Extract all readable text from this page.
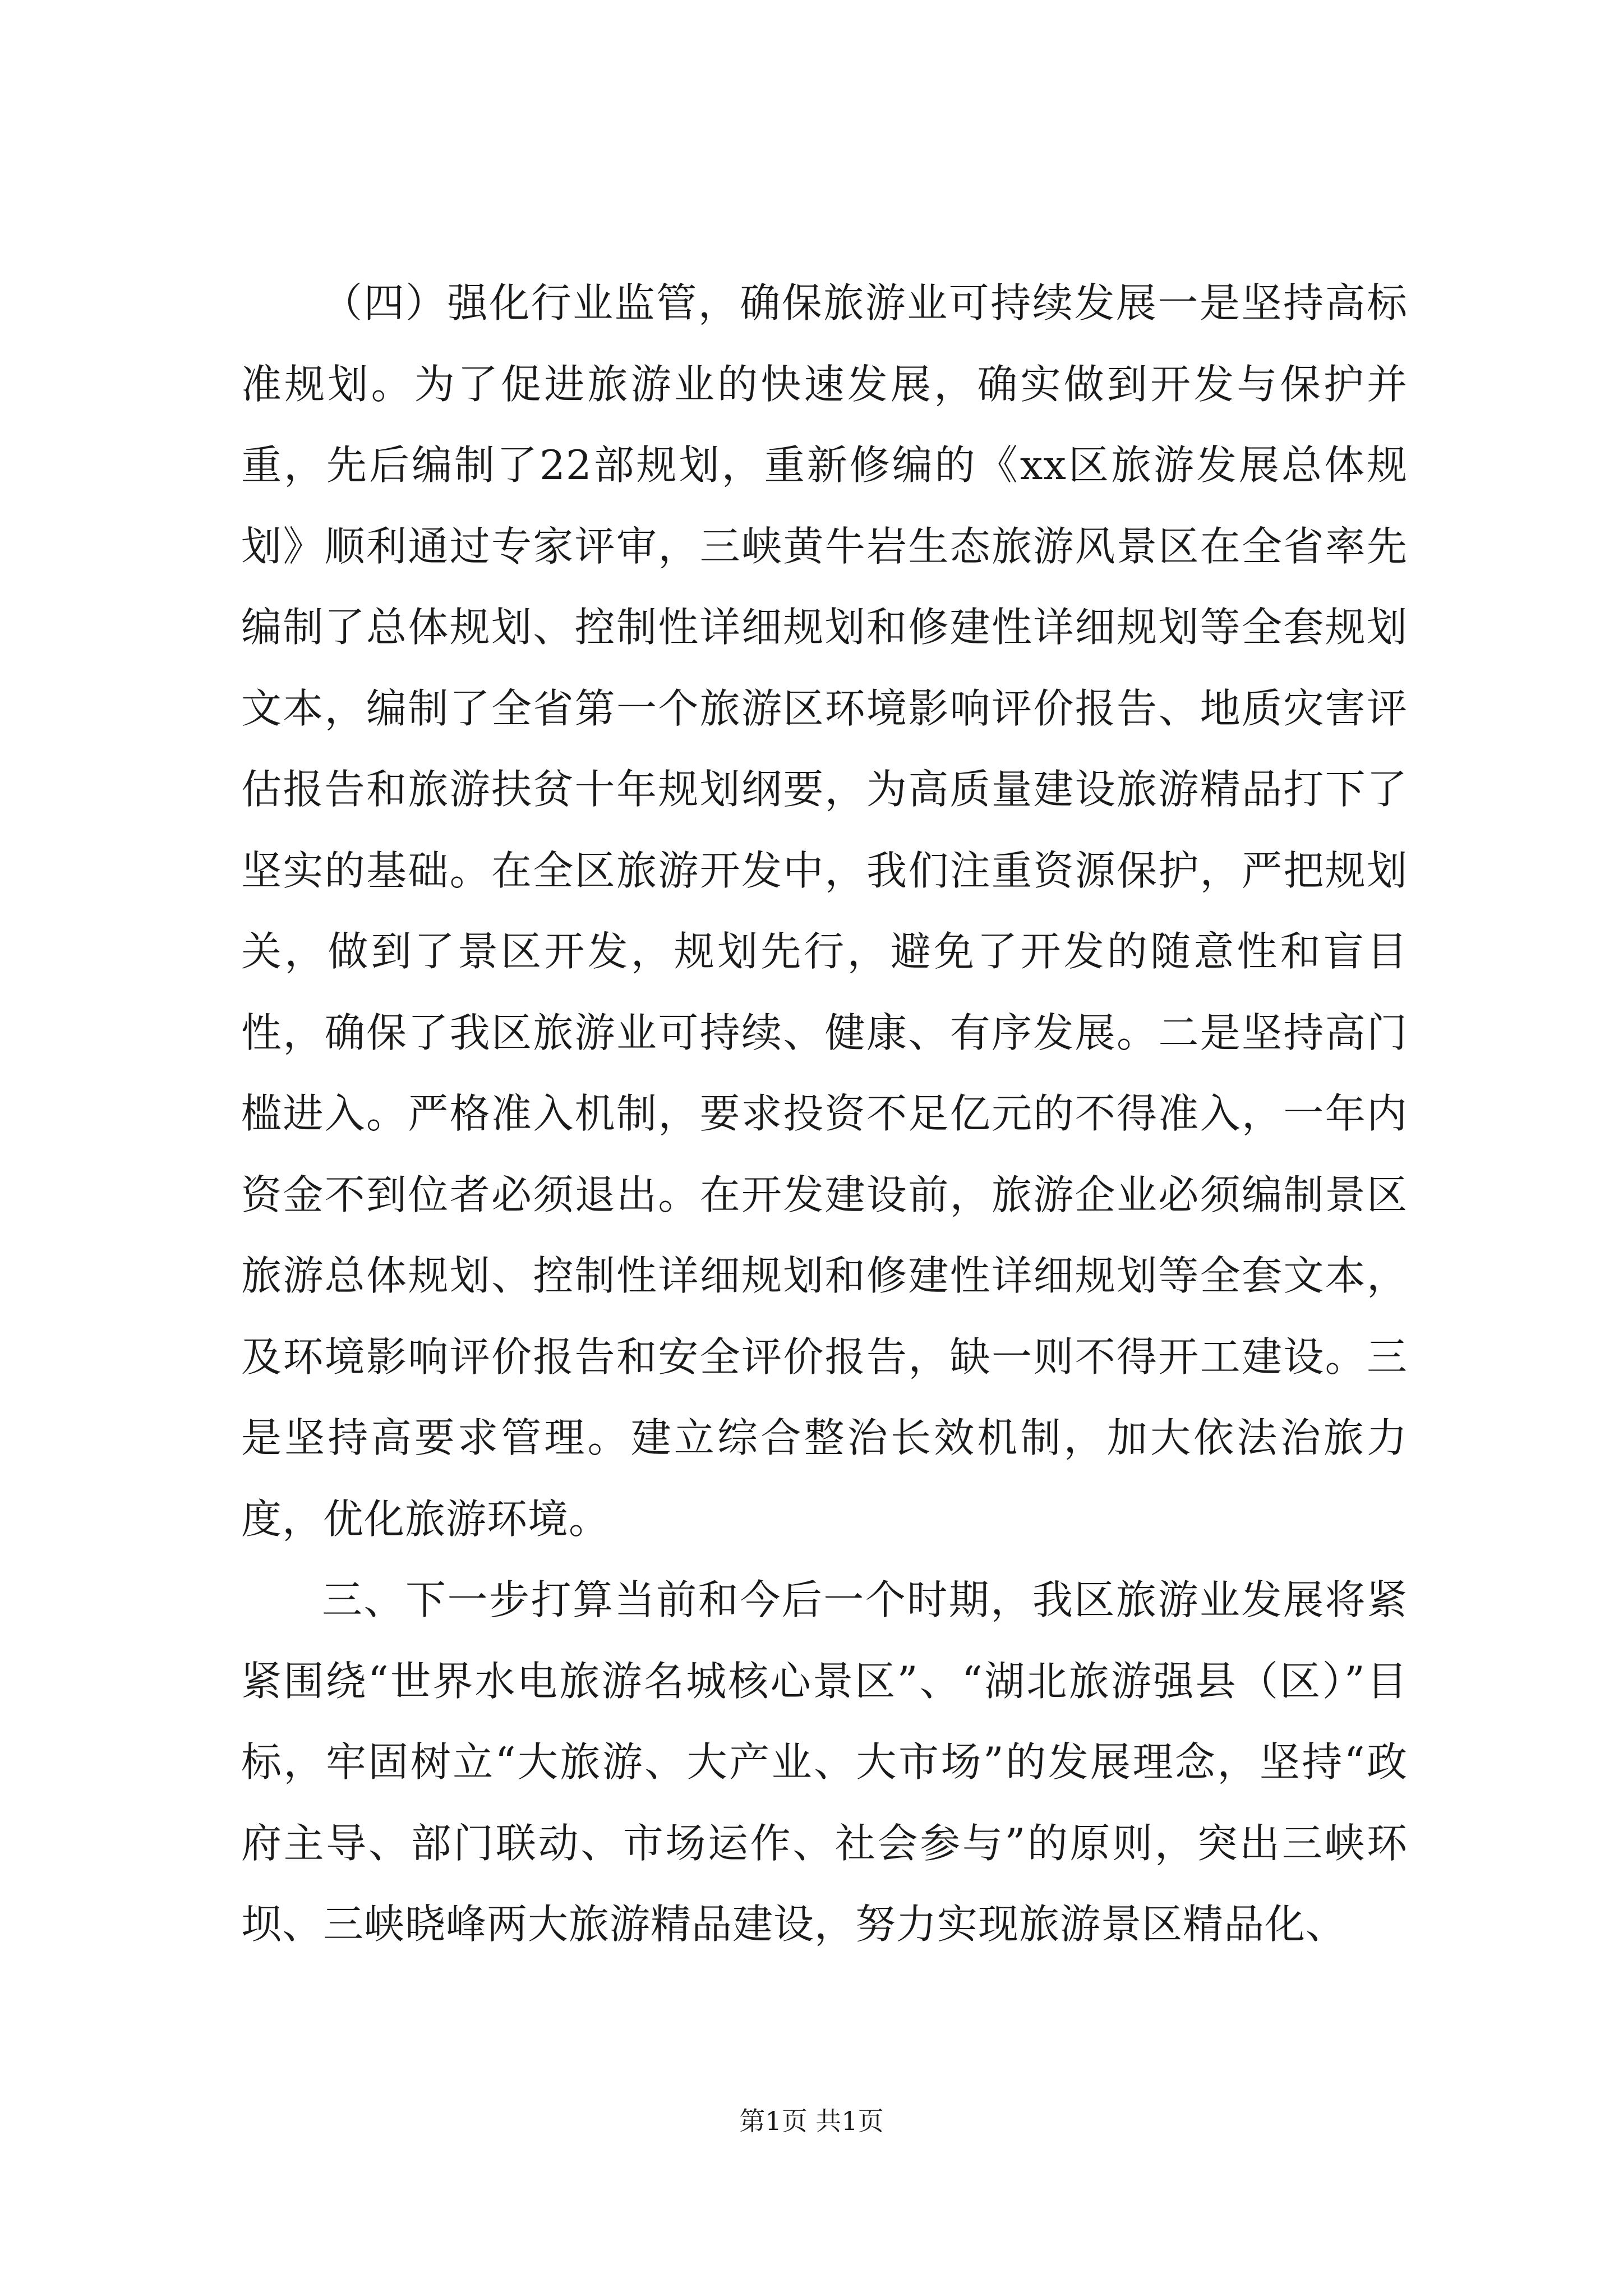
（四）强化行业监管，确保旅游业可持续发展一是坚持高标准规划。为了促进旅游业的快速发展，确实做到开发与保护并重，先后编制了22部规划，重新修编的《xx区旅游发展总体规划》顺利通过专家评审，三峡黄牛岩生态旅游风景区在全省率先编制了总体规划、控制性详细规划和修建性详细规划等全套规划文本，编制了全省第一个旅游区环境影响评价报告、地质灾害评估报告和旅游扶贫十年规划纲要，为高质量建设旅游精品打下了坚实的基础。在全区旅游开发中，我们注重资源保护，严把规划关，做到了景区开发，规划先行，避免了开发的随意性和盲目性，确保了我区旅游业可持续、健康、有序发展。二是坚持高门槛进入。严格准入机制，要求投资不足亿元的不得准入，一年内资金不到位者必须退出。在开发建设前，旅游企业必须编制景区旅游总体规划、控制性详细规划和修建性详细规划等全套文本，及环境影响评价报告和安全评价报告，缺一则不得开工建设。三是坚持高要求管理。建立综合整治长效机制，加大依法治旅力度，优化旅游环境。

三、下一步打算当前和今后一个时期，我区旅游业发展将紧紧围绕“世界水电旅游名城核心景区”、“湖北旅游强县（区）”目标，牢固树立“大旅游、大产业、大市场”的发展理念，坚持“政府主导、部门联动、市场运作、社会参与”的原则，突出三峡环坝、三峡晓峰两大旅游精品建设，努力实现旅游景区精品化、

第1页 共1页
